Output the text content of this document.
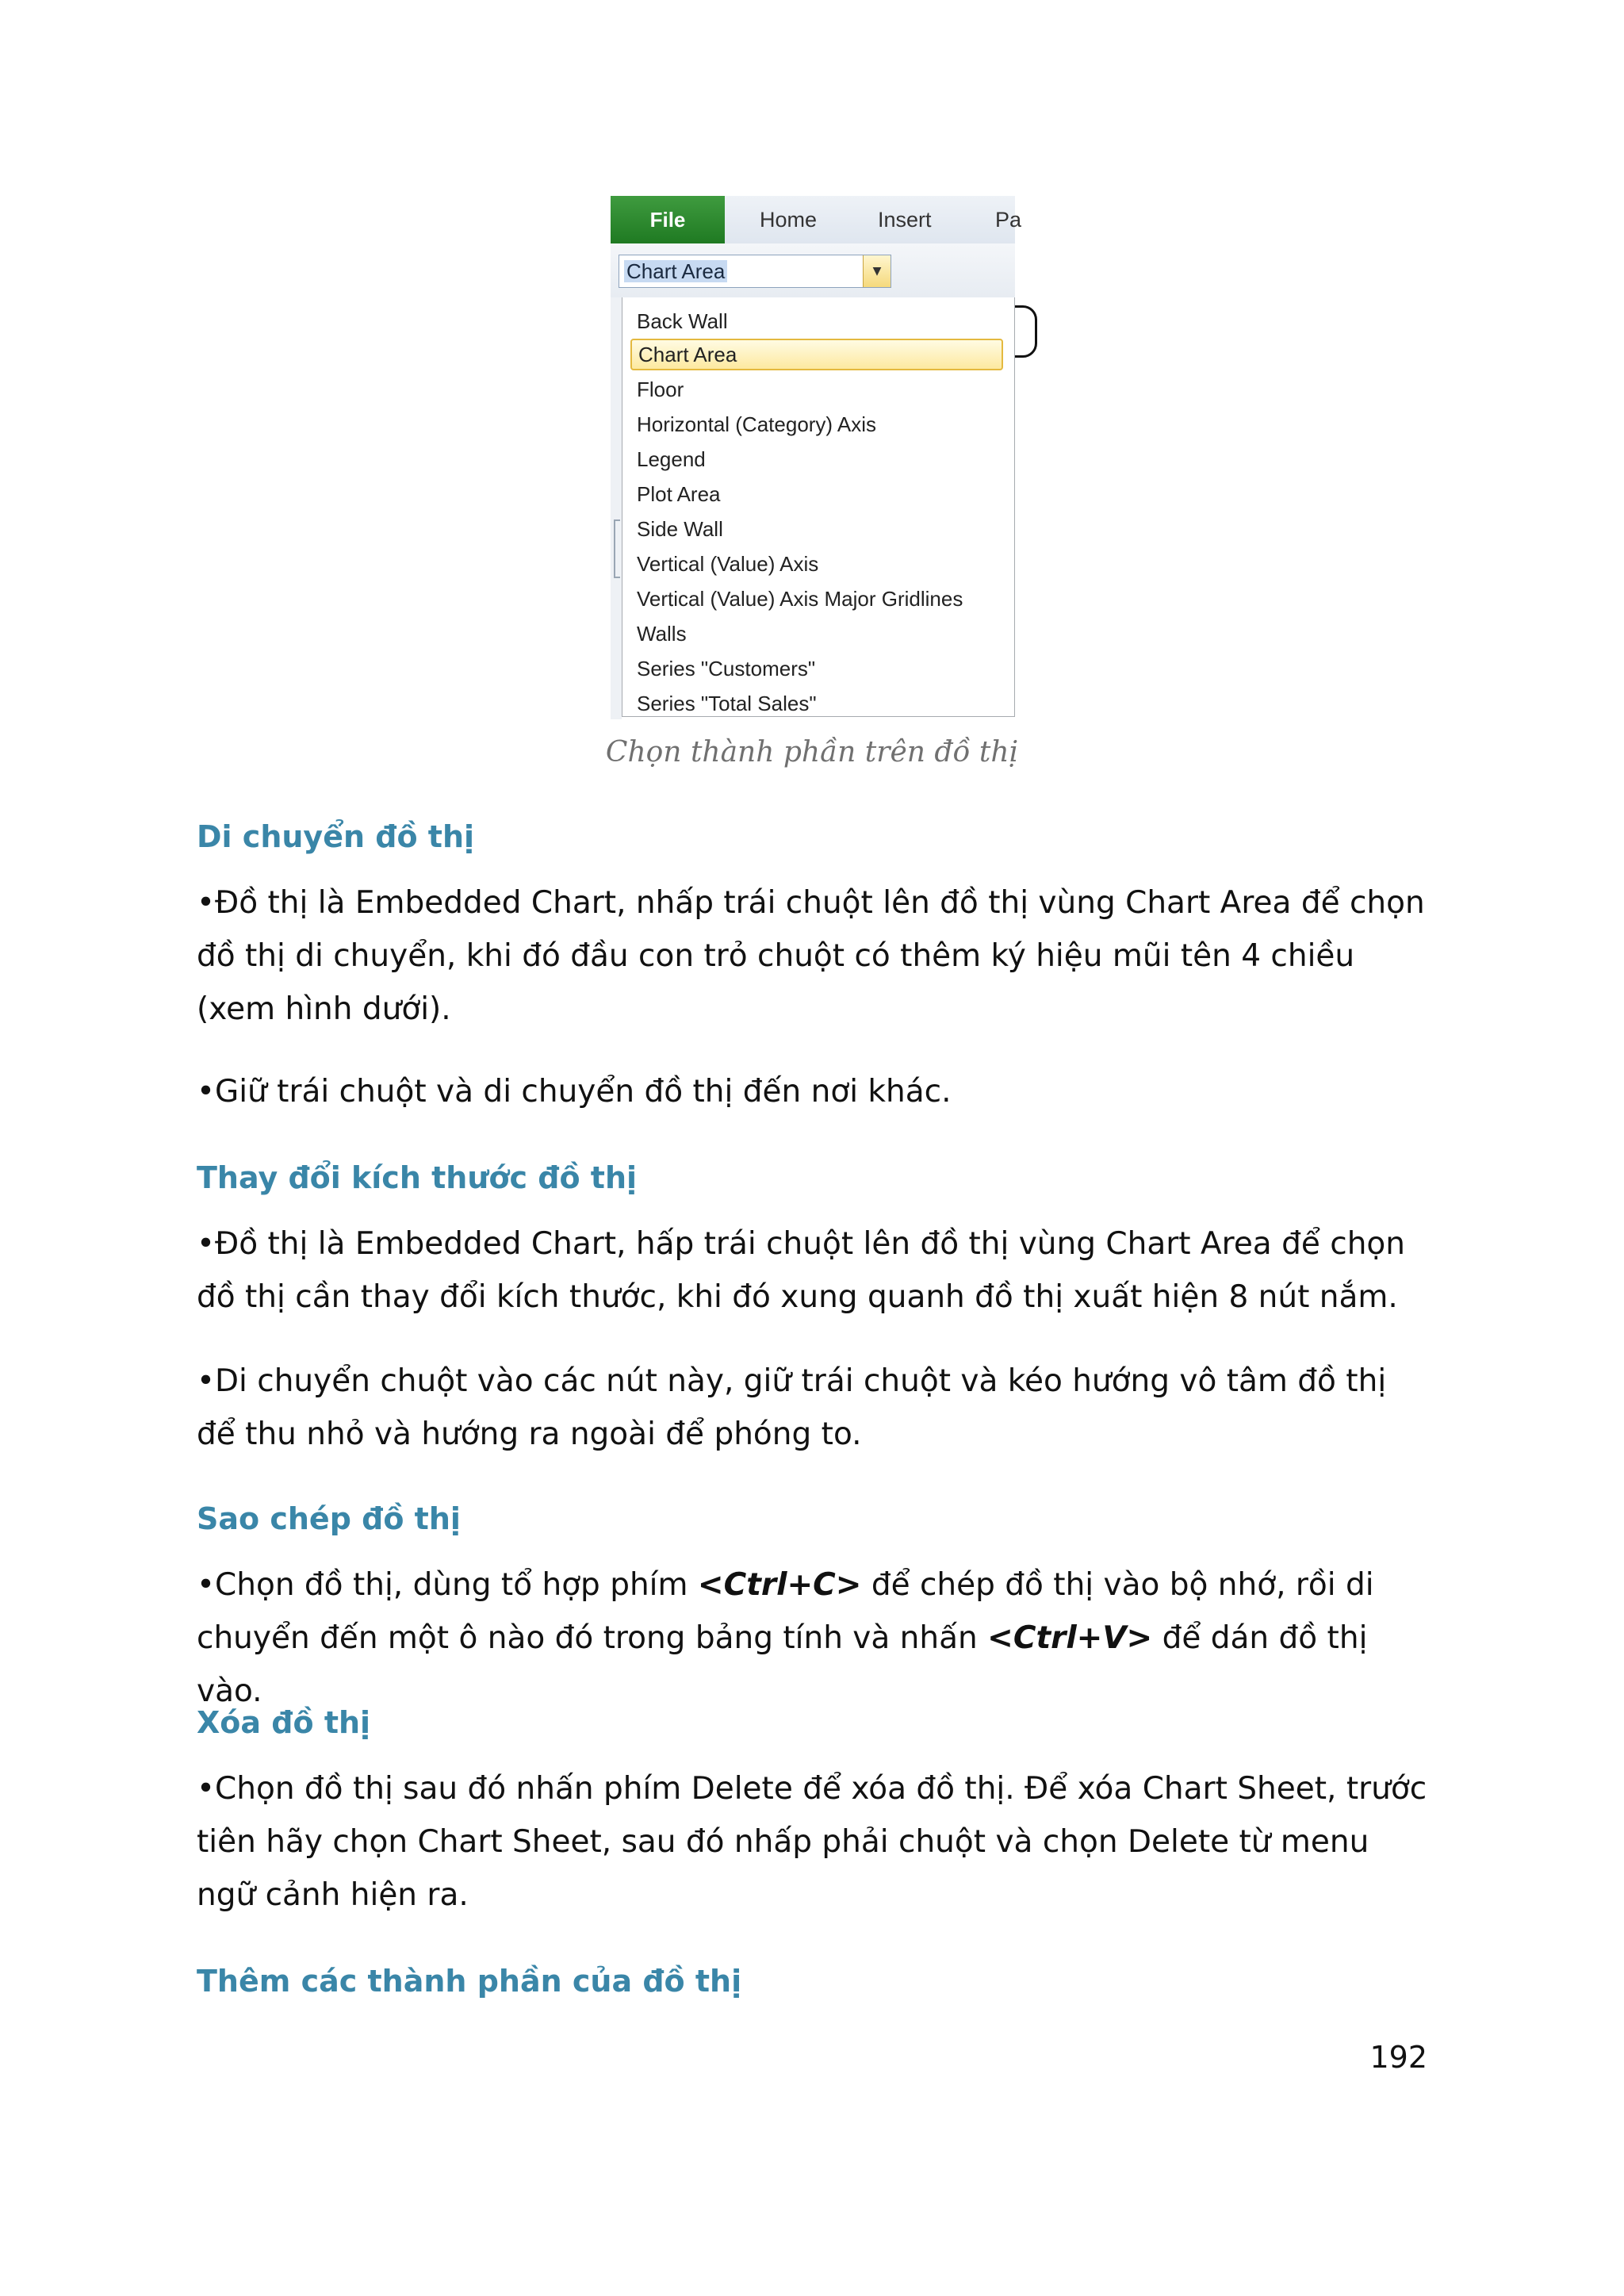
File	Home	Insert	Pa
Chart Area	▼
Back Wall
Chart Area
Floor
Horizontal (Category) Axis
Legend
Plot Area
Side Wall
Vertical (Value) Axis
Vertical (Value) Axis Major Gridlines
Walls
Series "Customers"
Series "Total Sales"
Chọn thành phần trên đồ thị

Di chuyển đồ thị

•Đồ thị là Embedded Chart, nhấp trái chuột lên đồ thị vùng Chart Area để chọn

đồ thị di chuyển, khi đó đầu con trỏ chuột có thêm ký hiệu mũi tên 4 chiều

(xem hình dưới).

•Giữ trái chuột và di chuyển đồ thị đến nơi khác.

Thay đổi kích thước đồ thị

•Đồ thị là Embedded Chart, hấp trái chuột lên đồ thị vùng Chart Area để chọn

đồ thị cần thay đổi kích thước, khi đó xung quanh đồ thị xuất hiện 8 nút nắm.

•Di chuyển chuột vào các nút này, giữ trái chuột và kéo hướng vô tâm đồ thị

để thu nhỏ và hướng ra ngoài để phóng to.

Sao chép đồ thị

•Chọn đồ thị, dùng tổ hợp phím <Ctrl+C> để chép đồ thị vào bộ nhớ, rồi di

chuyển đến một ô nào đó trong bảng tính và nhấn <Ctrl+V> để dán đồ thị vào.

Xóa đồ thị

•Chọn đồ thị sau đó nhấn phím Delete để xóa đồ thị. Để xóa Chart Sheet, trước

tiên hãy chọn Chart Sheet, sau đó nhấp phải chuột và chọn Delete từ menu

ngữ cảnh hiện ra.

Thêm các thành phần của đồ thị

192
